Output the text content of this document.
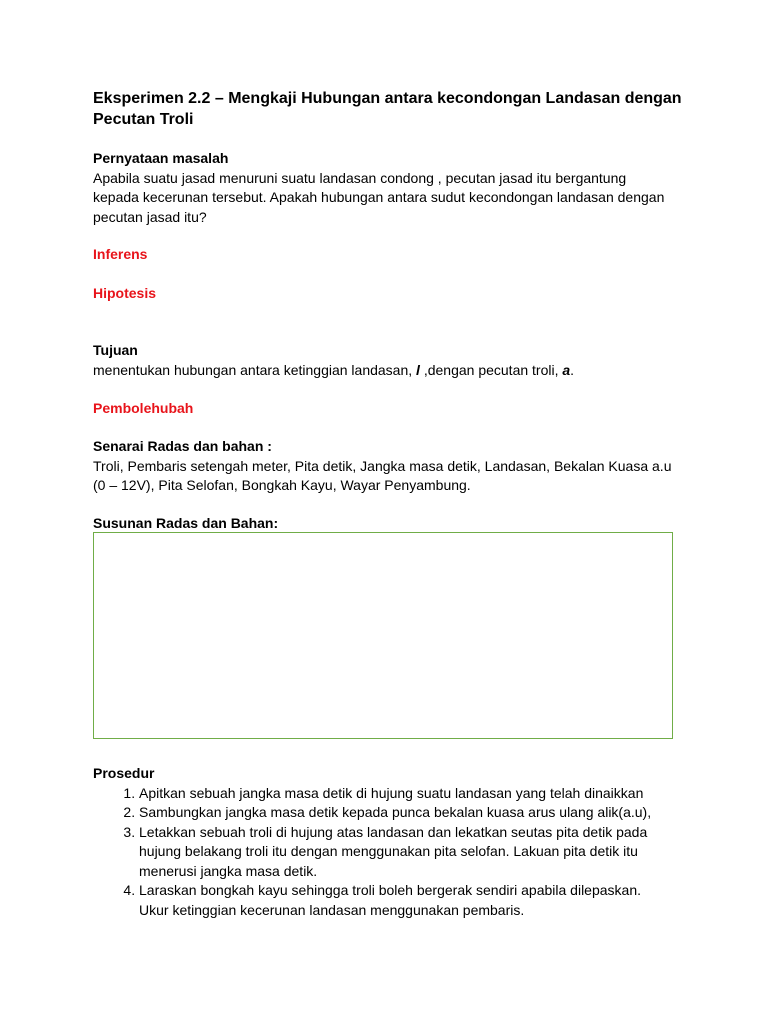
Eksperimen 2.2 – Mengkaji Hubungan antara kecondongan Landasan dengan
Pecutan Troli
Pernyataan masalah
Apabila suatu jasad menuruni suatu landasan condong , pecutan jasad itu bergantung
kepada kecerunan tersebut. Apakah hubungan antara sudut kecondongan landasan dengan
pecutan jasad itu?
Inferens
Hipotesis
Tujuan
menentukan hubungan antara ketinggian landasan, l ,dengan pecutan troli, a.
Pembolehubah
Senarai Radas dan bahan :
Troli, Pembaris setengah meter, Pita detik, Jangka masa detik, Landasan, Bekalan Kuasa a.u
(0 – 12V), Pita Selofan, Bongkah Kayu, Wayar Penyambung.
Susunan Radas dan Bahan:
Prosedur
1. Apitkan sebuah jangka masa detik di hujung suatu landasan yang telah dinaikkan
2. Sambungkan jangka masa detik kepada punca bekalan kuasa arus ulang alik(a.u),
3. Letakkan sebuah troli di hujung atas landasan dan lekatkan seutas pita detik pada
hujung belakang troli itu dengan menggunakan pita selofan. Lakuan pita detik itu
menerusi jangka masa detik.
4. Laraskan bongkah kayu sehingga troli boleh bergerak sendiri apabila dilepaskan.
Ukur ketinggian kecerunan landasan menggunakan pembaris.
